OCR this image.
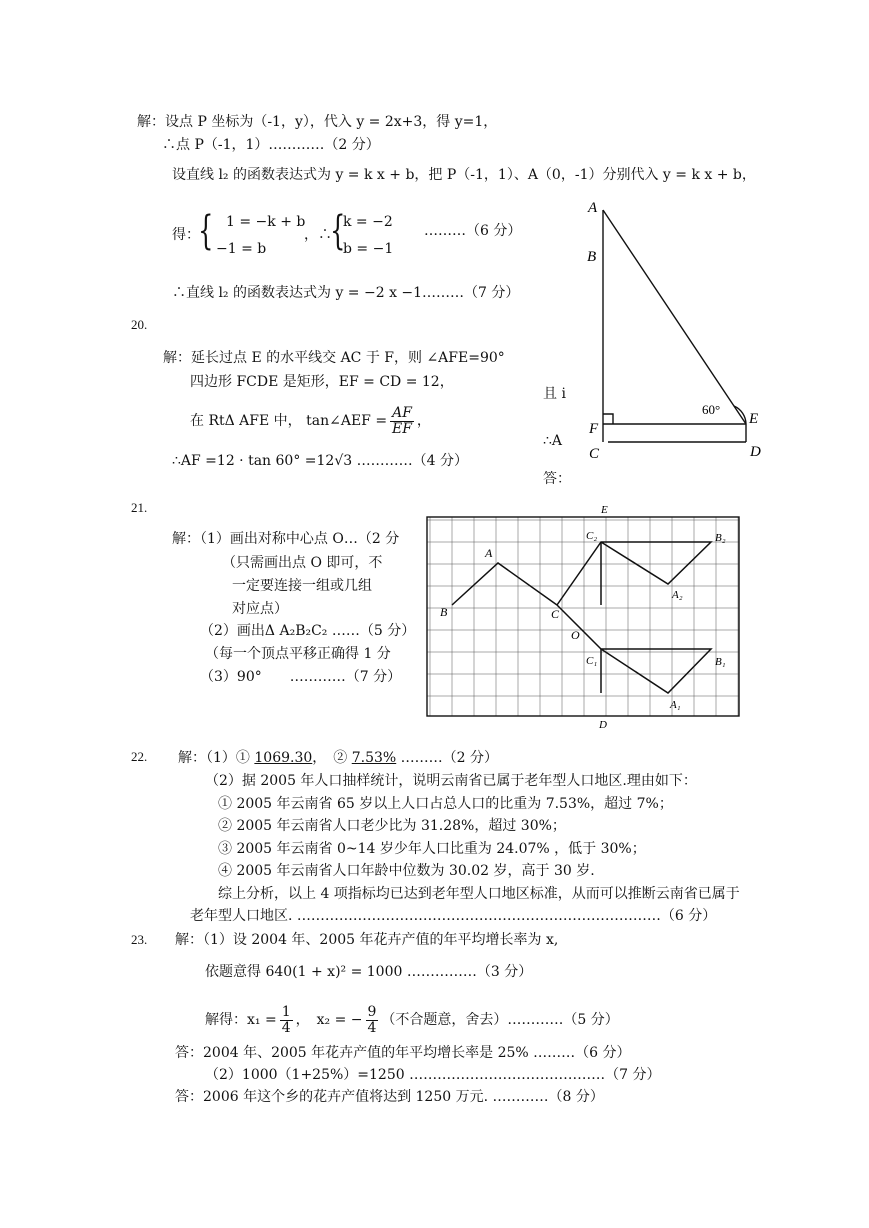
解：设点 P 坐标为（-1，y），代入 y = 2x+3，得 y=1，
∴点 P（-1，1）…………（2 分）
设直线 l₂ 的函数表达式为 y = k x + b，把 P（-1，1）、A（0，-1）分别代入 y = k x + b，
得：
{ 1 = −k + b
−1 = b
，∴
{
k = −2
b = −1
………（6 分）
∴直线 l₂ 的函数表达式为 y = −2 x −1………（7 分）
20.
解：延长过点 E 的水平线交 AC 于 F，则 ∠AFE=90°
四边形 FCDE 是矩形，EF = CD = 12，
在 RtΔ AFE 中， tan∠AEF = $\frac{AF}{EF}$ ，
∴AF =12 · tan 60° =12√3 …………（4 分）
且 i
∴A
答：
A
B
F
C
E
D
60°
21.
解：（1）画出对称中心点 O…（2 分
（只需画出点 O 即可，不
一定要连接一组或几组
对应点）
（2）画出Δ A₂B₂C₂ ……（5 分）
（每一个顶点平移正确得 1 分
（3）90°　　…………（7 分）
E
D
A
B	C
O
C₂	B₂
A₂
C₁	B₁
A₁
22. 解：（1）① 1069.30，　② 7.53% ………（2 分）
（2）据 2005 年人口抽样统计，说明云南省已属于老年型人口地区.理由如下：
① 2005 年云南省 65 岁以上人口占总人口的比重为 7.53%，超过 7%；
② 2005 年云南省人口老少比为 31.28%，超过 30%；
③ 2005 年云南省 0~14 岁少年人口比重为 24.07% ，低于 30%；
④ 2005 年云南省人口年龄中位数为 30.02 岁，高于 30 岁.
综上分析，以上 4 项指标均已达到老年型人口地区标准，从而可以推断云南省已属于
老年型人口地区. ……………………………………………………………………（6 分）
23. 解：（1）设 2004 年、2005 年花卉产值的年平均增长率为 x,
依题意得 640(1 + x)² = 1000 ……………（3 分）
解得：$x_1 = \frac{1}{4}$ ，　x₂ = − $\frac{9}{4}$ （不合题意，舍去）…………（5 分）
答：2004 年、2005 年花卉产值的年平均增长率是 25% ………（6 分）
（2）1000（1+25%）=1250 ……………………………………（7 分）
答：2006 年这个乡的花卉产值将达到 1250 万元. …………（8 分）
